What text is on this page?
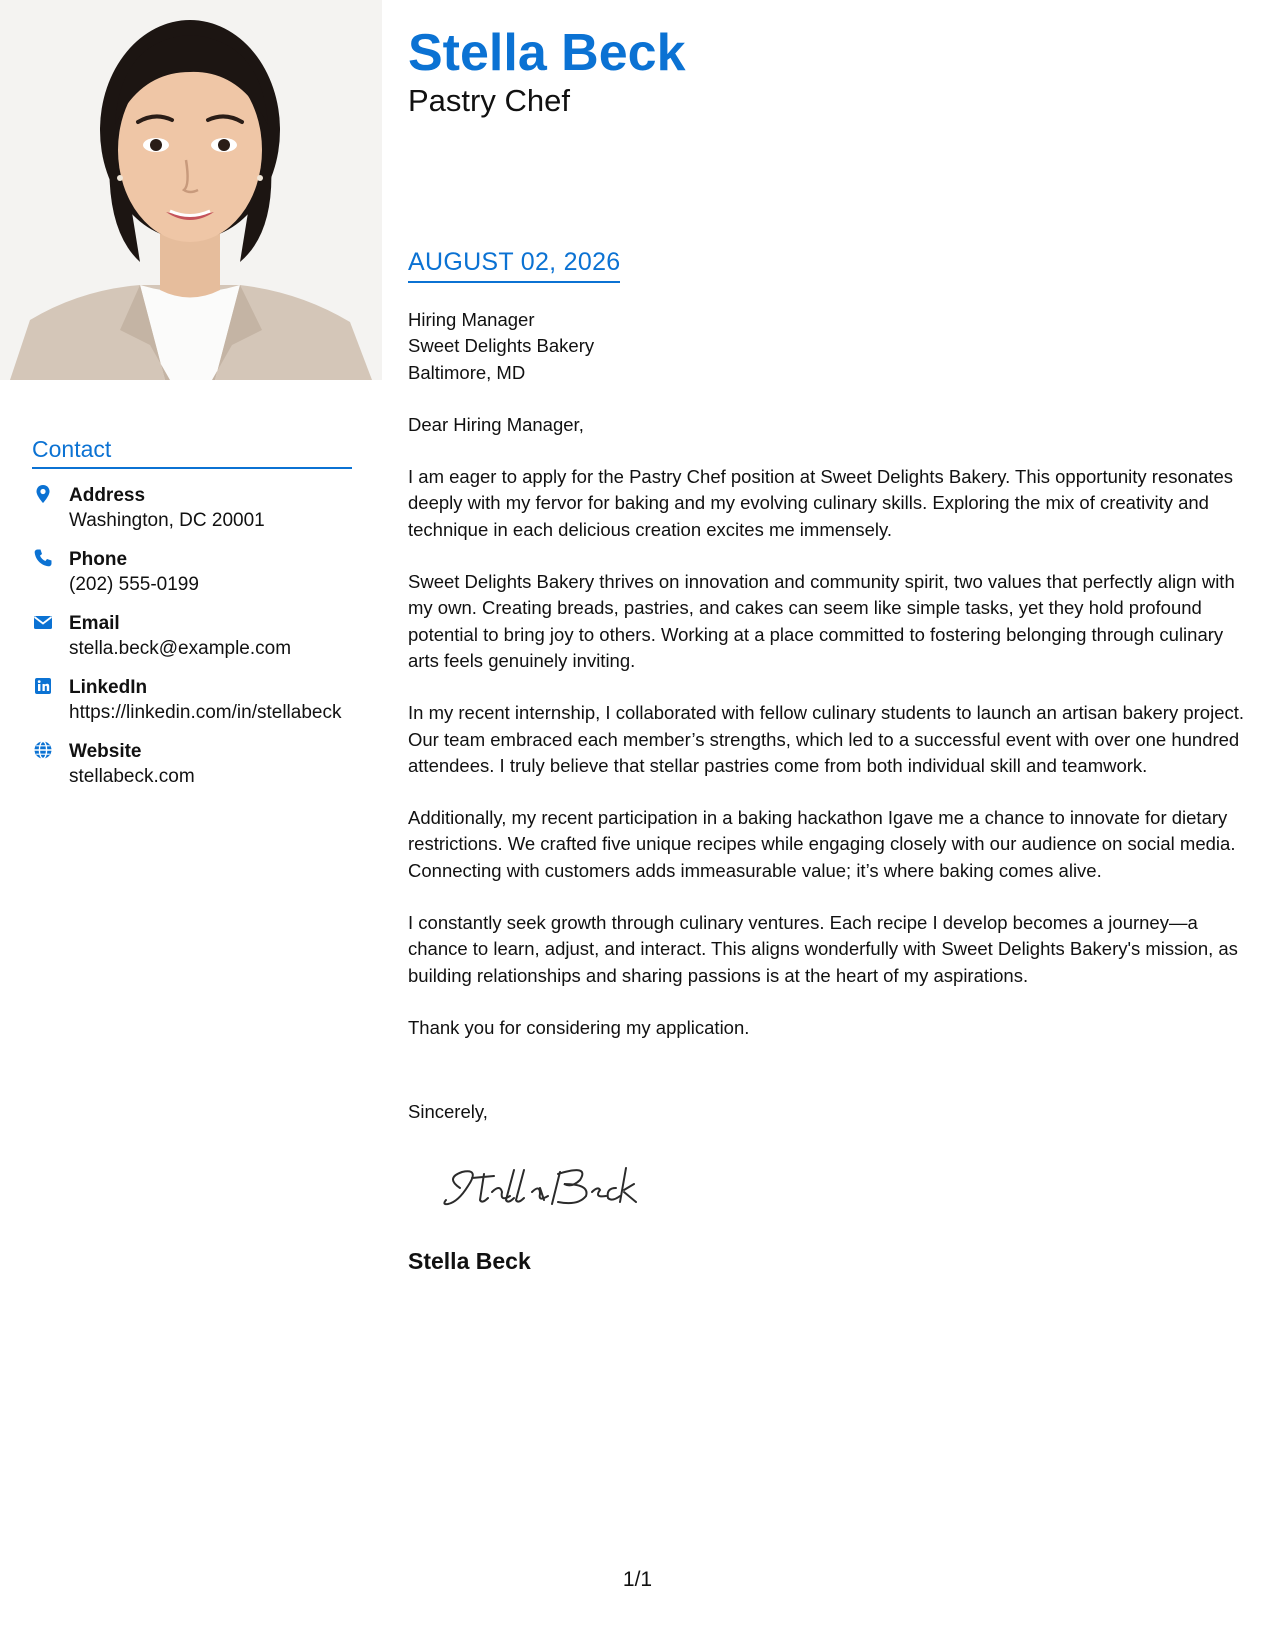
Contact
Address
Washington, DC 20001
Phone
(202) 555-0199
Email
stella.beck@example.com
LinkedIn
https://linkedin.com/in/stellabeck
Website
stellabeck.com
Stella Beck
Pastry Chef
AUGUST 02, 2026

Hiring Manager

Sweet Delights Bakery

Baltimore, MD

Dear Hiring Manager,

I am eager to apply for the Pastry Chef position at Sweet Delights Bakery. This opportunity resonates deeply with my fervor for baking and my evolving culinary skills. Exploring the mix of creativity and technique in each delicious creation excites me immensely.

Sweet Delights Bakery thrives on innovation and community spirit, two values that perfectly align with my own. Creating breads, pastries, and cakes can seem like simple tasks, yet they hold profound potential to bring joy to others. Working at a place committed to fostering belonging through culinary arts feels genuinely inviting.

In my recent internship, I collaborated with fellow culinary students to launch an artisan bakery project. Our team embraced each member’s strengths, which led to a successful event with over one hundred attendees. I truly believe that stellar pastries come from both individual skill and teamwork.

Additionally, my recent participation in a baking hackathon Igave me a chance to innovate for dietary restrictions. We crafted five unique recipes while engaging closely with our audience on social media. Connecting with customers adds immeasurable value; it’s where baking comes alive.

I constantly seek growth through culinary ventures. Each recipe I develop becomes a journey—a chance to learn, adjust, and interact. This aligns wonderfully with Sweet Delights Bakery's mission, as building relationships and sharing passions is at the heart of my aspirations.

Thank you for considering my application.

Sincerely,
Stella Beck
1/1
